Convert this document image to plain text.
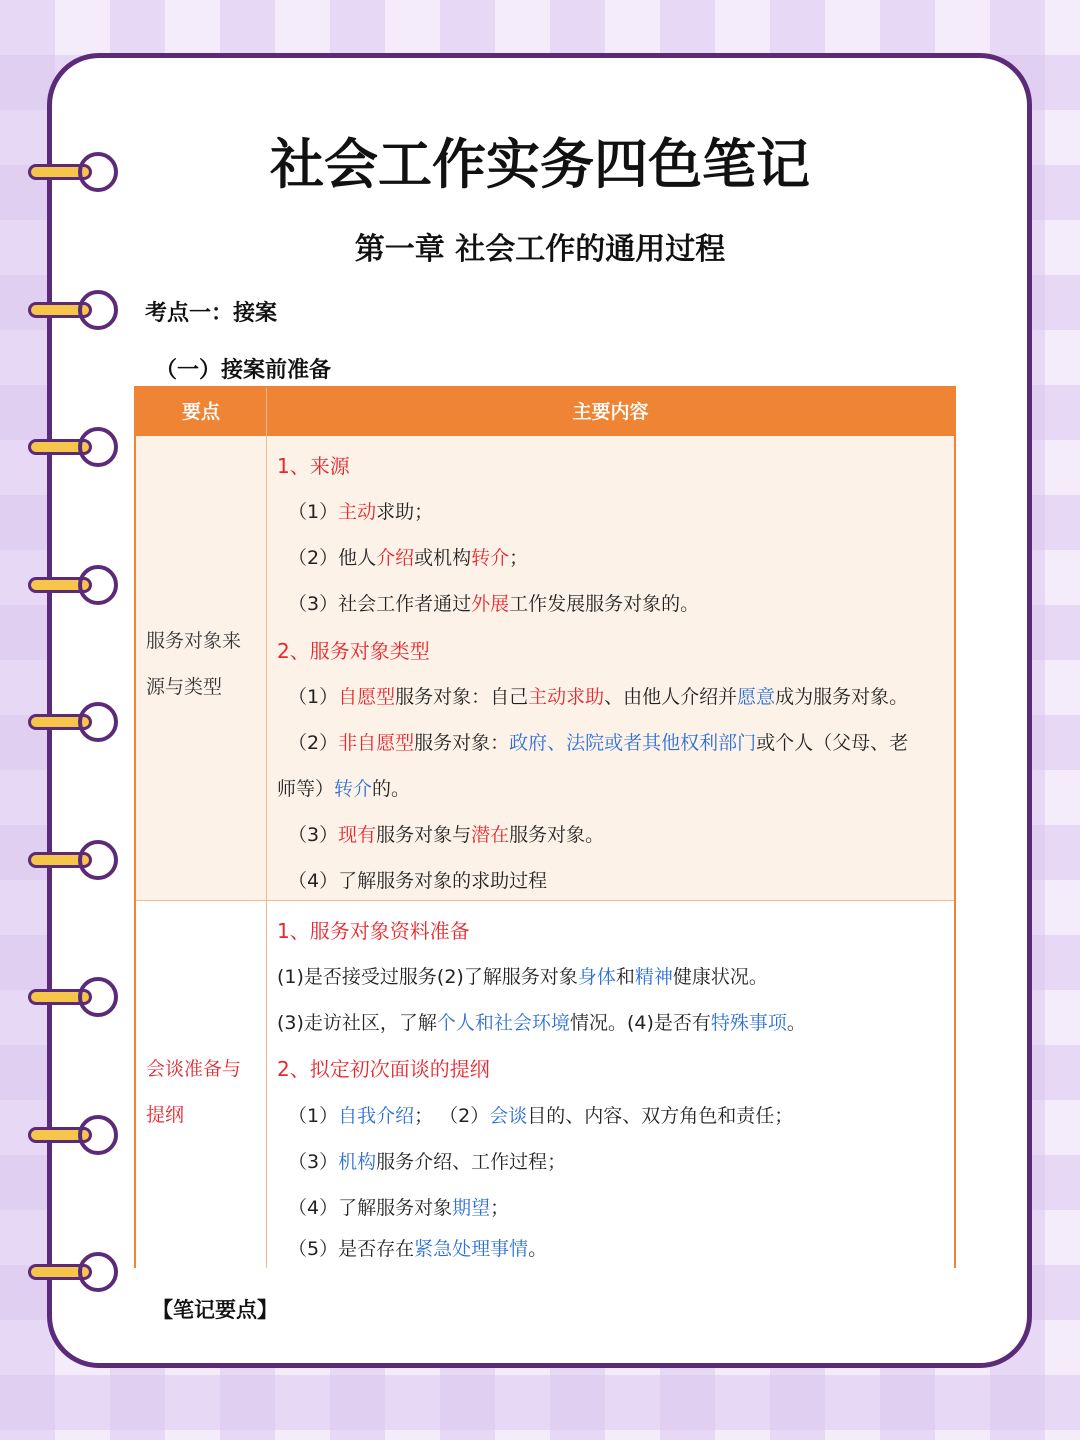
社会工作实务四色笔记
第一章 社会工作的通用过程
考点一：接案
（一）接案前准备
要点	主要内容
服务对象来
源与类型
1、来源
（1）主动求助；
（2）他人介绍或机构转介；
（3）社会工作者通过外展工作发展服务对象的。
2、服务对象类型
（1）自愿型服务对象：自己主动求助、由他人介绍并愿意成为服务对象。
（2）非自愿型服务对象：政府、法院或者其他权利部门或个人（父母、老
师等）转介的。
（3）现有服务对象与潜在服务对象。
（4）了解服务对象的求助过程
会谈准备与
提纲
1、服务对象资料准备
(1)是否接受过服务(2)了解服务对象身体和精神健康状况。
(3)走访社区，了解个人和社会环境情况。(4)是否有特殊事项。
2、拟定初次面谈的提纲
（1）自我介绍； （2）会谈目的、内容、双方角色和责任；
（3）机构服务介绍、工作过程；
（4）了解服务对象期望；
（5）是否存在紧急处理事情。
【笔记要点】
